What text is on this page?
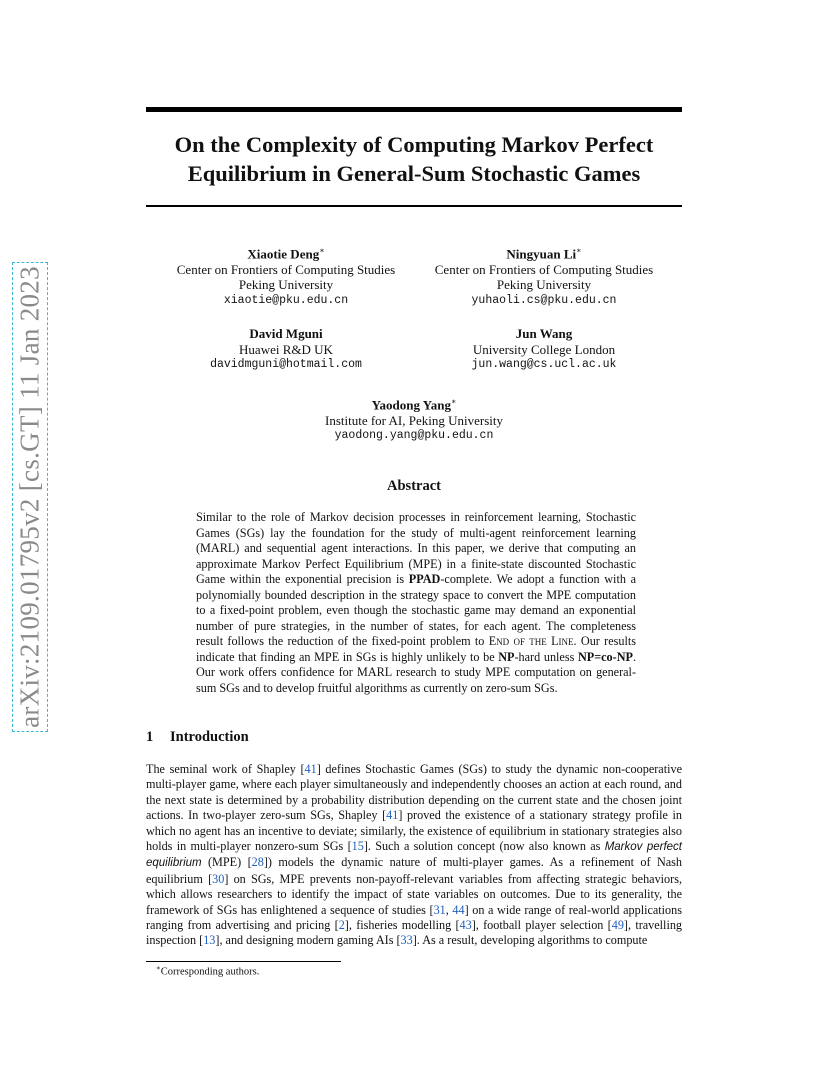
arXiv:2109.01795v2 [cs.GT] 11 Jan 2023
On the Complexity of Computing Markov Perfect
Equilibrium in General-Sum Stochastic Games
Xiaotie Deng∗
Center on Frontiers of Computing Studies
Peking University
xiaotie@pku.edu.cn
Ningyuan Li∗
Center on Frontiers of Computing Studies
Peking University
yuhaoli.cs@pku.edu.cn
David Mguni
Huawei R&D UK
davidmguni@hotmail.com
Jun Wang
University College London
jun.wang@cs.ucl.ac.uk
Yaodong Yang∗
Institute for AI, Peking University
yaodong.yang@pku.edu.cn
Abstract

Similar to the role of Markov decision processes in reinforcement learning, Stochastic Games (SGs) lay the foundation for the study of multi-agent reinforcement learning (MARL) and sequential agent interactions. In this paper, we derive that computing an approximate Markov Perfect Equilibrium (MPE) in a finite-state discounted Stochastic Game within the exponential precision is PPAD-complete. We adopt a function with a polynomially bounded description in the strategy space to convert the MPE computation to a fixed-point problem, even though the stochastic game may demand an exponential number of pure strategies, in the number of states, for each agent. The completeness result follows the reduction of the fixed-point problem to End of the Line. Our results indicate that finding an MPE in SGs is highly unlikely to be NP-hard unless NP=co-NP. Our work offers confidence for MARL research to study MPE computation on general-sum SGs and to develop fruitful algorithms as currently on zero-sum SGs.

1 Introduction

The seminal work of Shapley [41] defines Stochastic Games (SGs) to study the dynamic non-cooperative multi-player game, where each player simultaneously and independently chooses an action at each round, and the next state is determined by a probability distribution depending on the current state and the chosen joint actions. In two-player zero-sum SGs, Shapley [41] proved the existence of a stationary strategy profile in which no agent has an incentive to deviate; similarly, the existence of equilibrium in stationary strategies also holds in multi-player nonzero-sum SGs [15]. Such a solution concept (now also known as Markov perfect equilibrium (MPE) [28]) models the dynamic nature of multi-player games. As a refinement of Nash equilibrium [30] on SGs, MPE prevents non-payoff-relevant variables from affecting strategic behaviors, which allows researchers to identify the impact of state variables on outcomes. Due to its generality, the framework of SGs has enlightened a sequence of studies [31, 44] on a wide range of real-world applications ranging from advertising and pricing [2], fisheries modelling [43], football player selection [49], travelling inspection [13], and designing modern gaming AIs [33]. As a result, developing algorithms to compute

∗Corresponding authors.
